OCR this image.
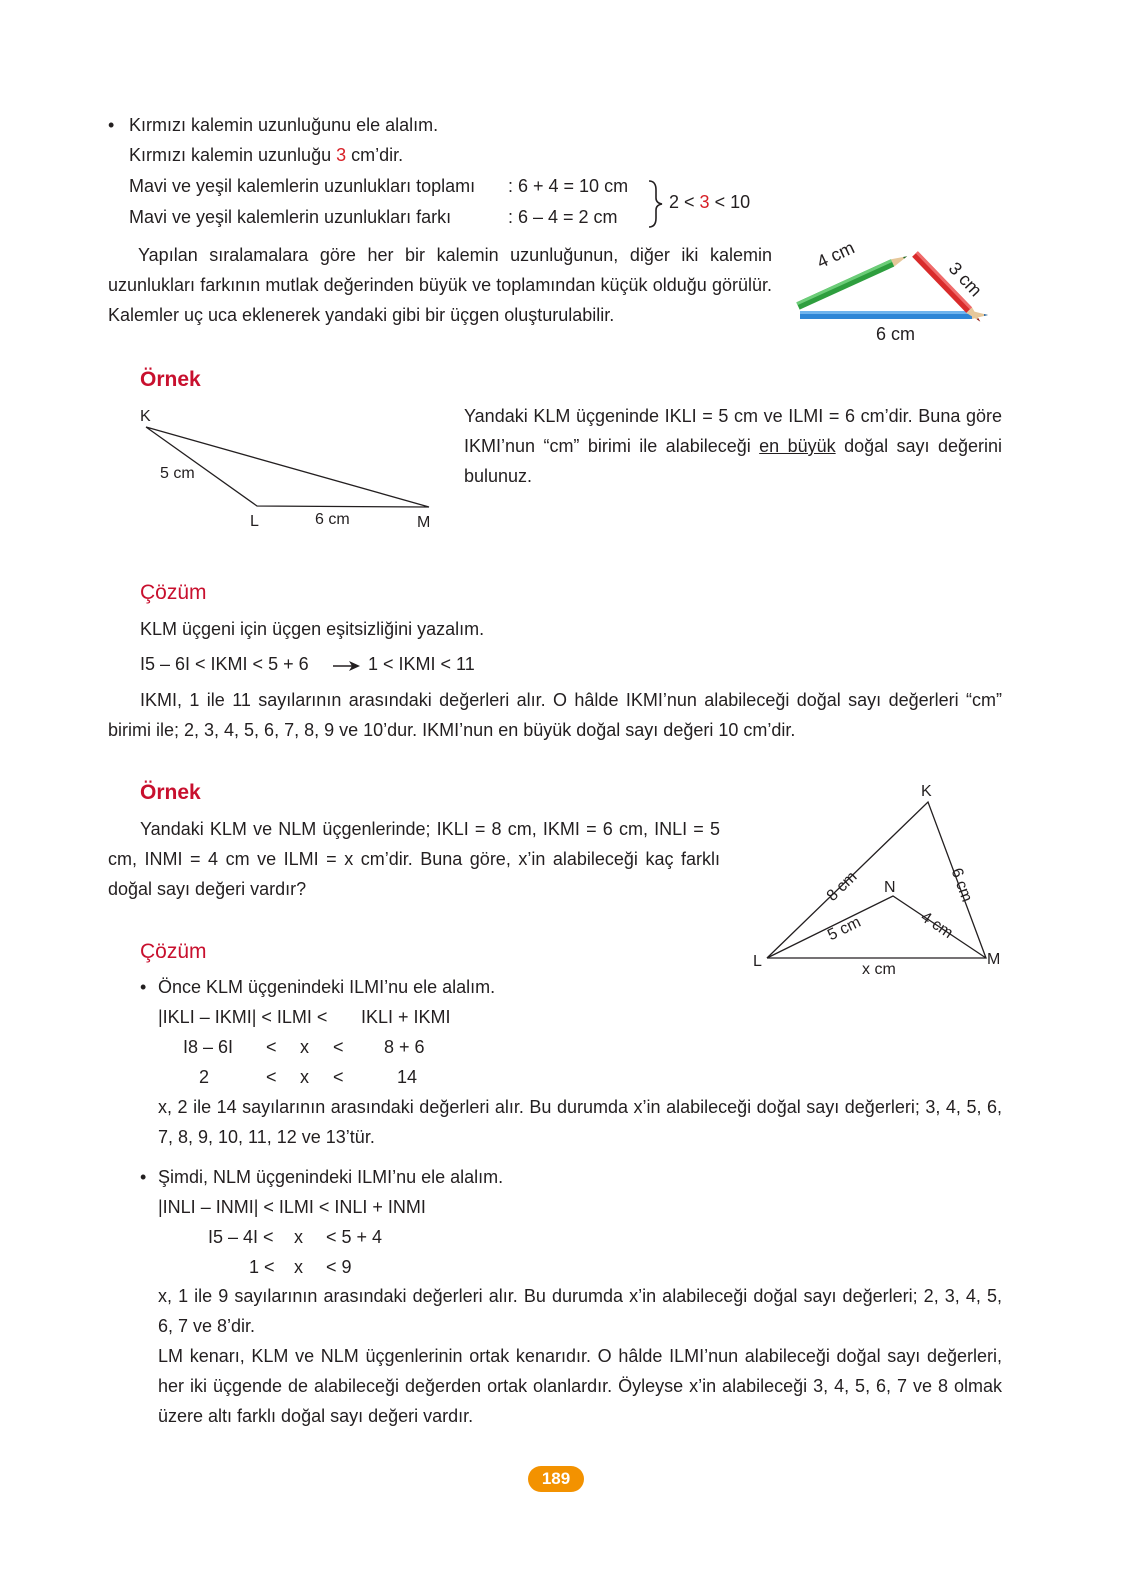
• Kırmızı kalemin uzunluğunu ele alalım.
Kırmızı kalemin uzunluğu 3 cm’dir.
Mavi ve yeşil kalemlerin uzunlukları toplamı : 6 + 4 = 10 cm
Mavi ve yeşil kalemlerin uzunlukları farkı	: 6 – 4 = 2 cm
2 < 3 < 10
Yapılan sıralamalara göre her bir kalemin uzunluğunun, diğer iki kalemin uzunlukları farkının mutlak değerinden büyük ve toplamından küçük olduğu görülür. Kalemler uç uca eklenerek yandaki gibi bir üçgen oluşturulabilir.
4 cm
3 cm
6 cm
Örnek
K
5 cm
L	6 cm	M
Yandaki KLM üçgeninde IKLI = 5 cm ve ILMI = 6 cm’dir. Buna göre IKMI’nun “cm” birimi ile alabileceği en büyük doğal sayı değerini bulunuz.
Çözüm
KLM üçgeni için üçgen eşitsizliğini yazalım.
I5 – 6I < IKMI < 5 + 6	1 < IKMI < 11
IKMI, 1 ile 11 sayılarının arasındaki değerleri alır. O hâlde IKMI’nun alabileceği doğal sayı değerleri “cm” birimi ile; 2, 3, 4, 5, 6, 7, 8, 9 ve 10’dur. IKMI’nun en büyük doğal sayı değeri 10 cm’dir.
Örnek
Yandaki KLM ve NLM üçgenlerinde; IKLI = 8 cm, IKMI = 6 cm, INLI = 5 cm, INMI = 4 cm ve ILMI = x cm’dir. Buna göre, x’in alabileceği kaç farklı doğal sayı değeri vardır?
K
L	M
N
8 cm	6 cm
5 cm	4 cm
x cm
Çözüm
• Önce KLM üçgenindeki ILMI’nu ele alalım.
|IKLI – IKMI| < ILMI < IKLI + IKMI
I8 – 6I < x < 8 + 6
2	< x <	14
x, 2 ile 14 sayılarının arasındaki değerleri alır. Bu durumda x’in alabileceği doğal sayı değerleri; 3, 4, 5, 6, 7, 8, 9, 10, 11, 12 ve 13’tür.
• Şimdi, NLM üçgenindeki ILMI’nu ele alalım.
|INLI – INMI| < ILMI < INLI + INMI
I5 – 4I < x < 5 + 4
1 < x < 9
x, 1 ile 9 sayılarının arasındaki değerleri alır. Bu durumda x’in alabileceği doğal sayı değerleri; 2, 3, 4, 5, 6, 7 ve 8’dir.
LM kenarı, KLM ve NLM üçgenlerinin ortak kenarıdır. O hâlde ILMI’nun alabileceği doğal sayı değerleri, her iki üçgende de alabileceği değerden ortak olanlardır. Öyleyse x’in alabileceği 3, 4, 5, 6, 7 ve 8 olmak üzere altı farklı doğal sayı değeri vardır.
189
